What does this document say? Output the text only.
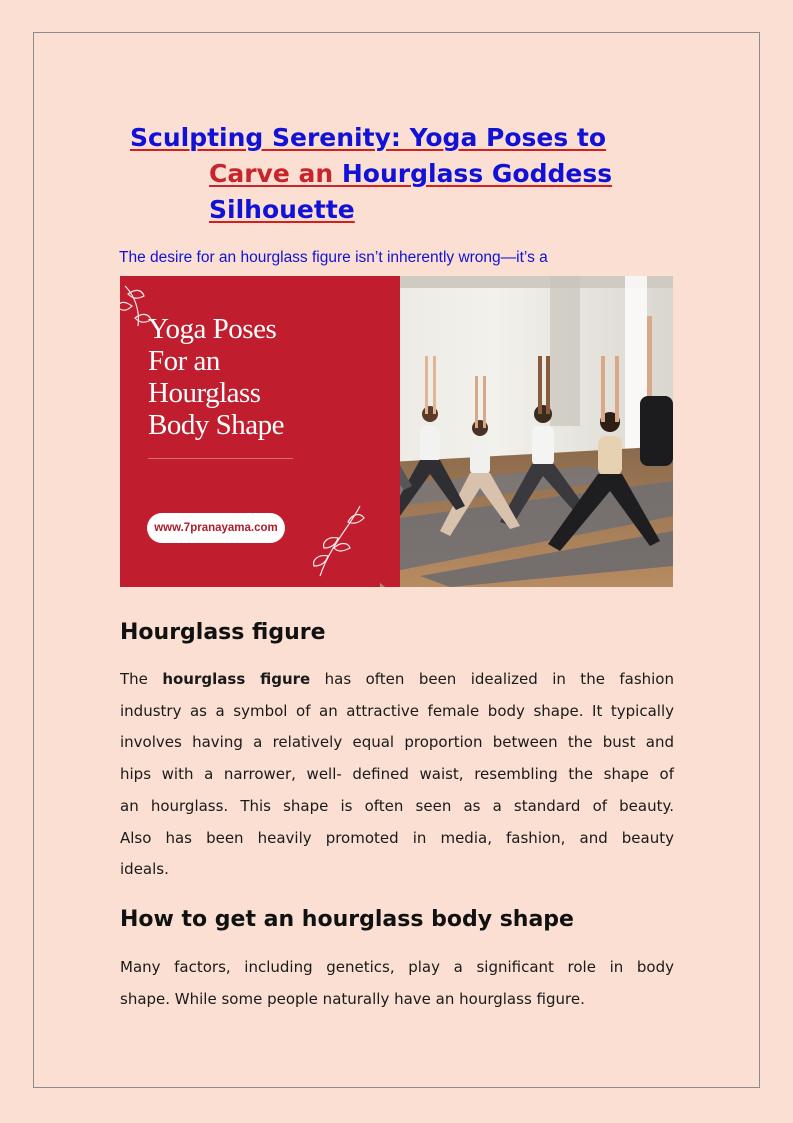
Sculpting Serenity: Yoga Poses to
Carve an Hourglass Goddess
Silhouette
The desire for an hourglass figure isn’t inherently wrong—it’s a
Yoga Poses
For an
Hourglass
Body Shape
www.7pranayama.com
Hourglass figure
The hourglass figure has often been idealized in the fashion
industry as a symbol of an attractive female body shape. It typically
involves having a relatively equal proportion between the bust and
hips with a narrower, well- defined waist, resembling the shape of
an hourglass. This shape is often seen as a standard of beauty.
Also has been heavily promoted in media, fashion, and beauty
ideals.
How to get an hourglass body shape
Many factors, including genetics, play a significant role in body
shape. While some people naturally have an hourglass figure.
